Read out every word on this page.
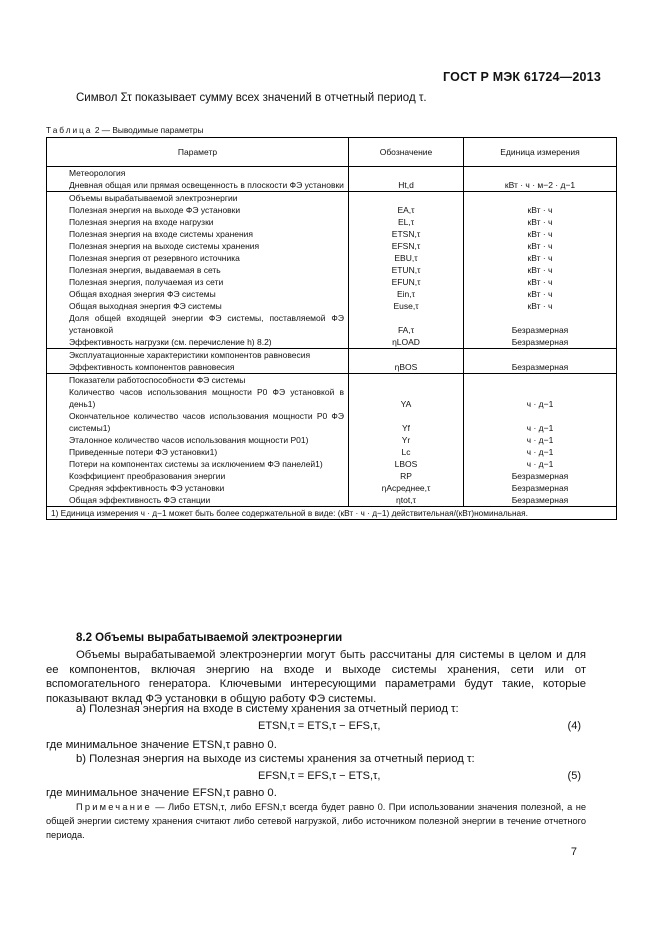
ГОСТ Р МЭК 61724—2013
Символ Στ показывает сумму всех значений в отчетный период τ.
Таблица 2 — Выводимые параметры
Параметр	Обозначение	Единица измерения

Метеорология		

Дневная общая или прямая освещенность в плоскости ФЭ установки	Ht,d	кВт · ч · м−2 · д−1

Объемы вырабатываемой электроэнергии		

Полезная энергия на выходе ФЭ установки	EA,τ	кВт · ч

Полезная энергия на входе нагрузки	EL,τ	кВт · ч

Полезная энергия на входе системы хранения	ETSN,τ	кВт · ч

Полезная энергия на выходе системы хранения	EFSN,τ	кВт · ч

Полезная энергия от резервного источника	EBU,τ	кВт · ч

Полезная энергия, выдаваемая в сеть	ETUN,τ	кВт · ч

Полезная энергия, получаемая из сети	EFUN,τ	кВт · ч

Общая входная энергия ФЭ системы	Ein,τ	кВт · ч

Общая выходная энергия ФЭ системы	Euse,τ	кВт · ч

Доля общей входящей энергии ФЭ системы, поставляемой ФЭ установкой	FA,τ	Безразмерная

Эффективность нагрузки (см. перечисление h) 8.2)	ηLOAD	Безразмерная

Эксплуатационные характеристики компонентов равновесия		

Эффективность компонентов равновесия	ηBOS	Безразмерная

Показатели работоспособности ФЭ системы		

Количество часов использования мощности P0 ФЭ установкой в день1)	YA	ч · д−1

Окончательное количество часов использования мощности P0 ФЭ системы1)	Yf	ч · д−1

Эталонное количество часов использования мощности P01)	Yr	ч · д−1

Приведенные потери ФЭ установки1)	Lc	ч · д−1

Потери на компонентах системы за исключением ФЭ панелей1)	LBOS	ч · д−1

Коэффициент преобразования энергии	RP	Безразмерная

Средняя эффективность ФЭ установки	ηAсреднее,τ	Безразмерная

Общая эффективность ФЭ станции	ηtot,τ	Безразмерная
1) Единица измерения ч · д−1 может быть более содержательной в виде: (кВт · ч · д−1) действительная/(кВт)номинальная.		
8.2 Объемы вырабатываемой электроэнергии
Объемы вырабатываемой электроэнергии могут быть рассчитаны для системы в целом и для ее компонентов, включая энергию на входе и выходе системы хранения, сети или от вспомогательного генератора. Ключевыми интересующими параметрами будут такие, которые показывают вклад ФЭ установки в общую работу ФЭ системы.
a) Полезная энергия на входе в систему хранения за отчетный период τ:
ETSN,τ = ETS,τ − EFS,τ,	(4)
где минимальное значение ETSN,τ равно 0.
b) Полезная энергия на выходе из системы хранения за отчетный период τ:
EFSN,τ = EFS,τ − ETS,τ,	(5)
где минимальное значение EFSN,τ равно 0.
Примечание — Либо ETSN,τ, либо EFSN,τ всегда будет равно 0. При использовании значения полезной, а не общей энергии систему хранения считают либо сетевой нагрузкой, либо источником полезной энергии в течение отчетного периода.
7
